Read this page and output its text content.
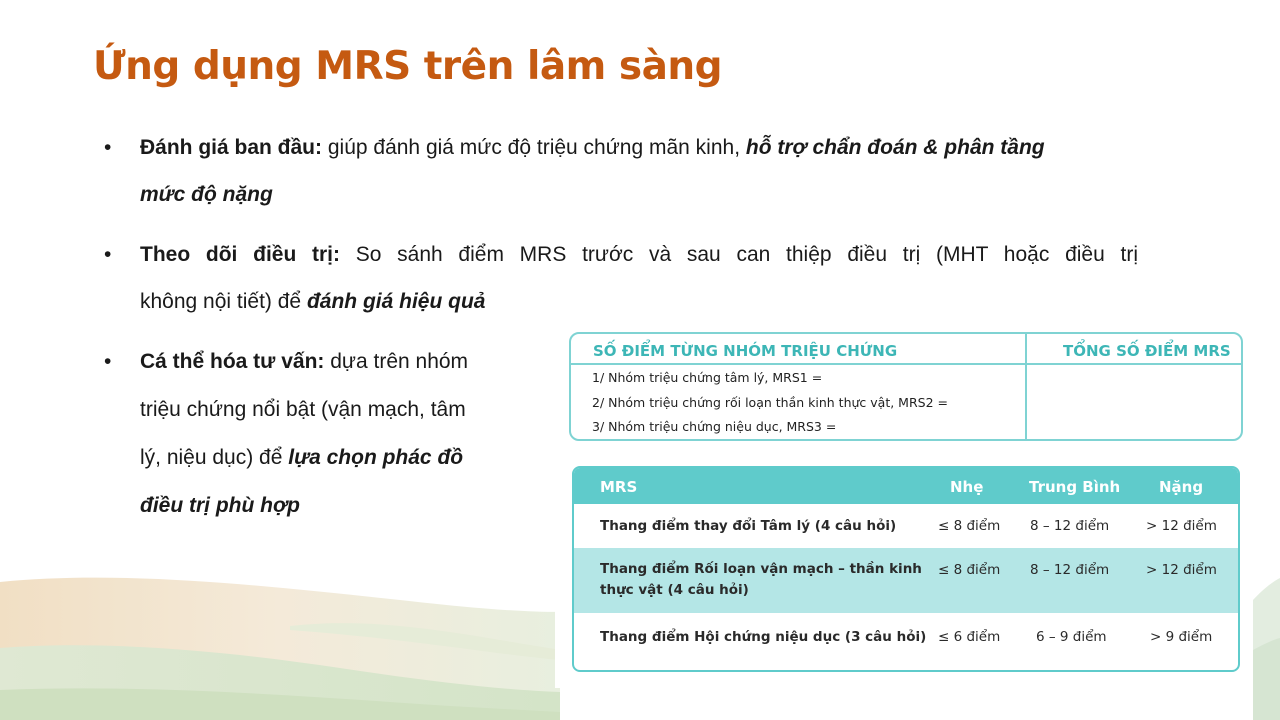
Ứng dụng MRS trên lâm sàng
• Đánh giá ban đầu: giúp đánh giá mức độ triệu chứng mãn kinh, hỗ trợ chẩn đoán & phân tầng
mức độ nặng
• Theo dõi điều trị: So sánh điểm MRS trước và sau can thiệp điều trị (MHT hoặc điều trị
không nội tiết) để đánh giá hiệu quả
• Cá thể hóa tư vấn: dựa trên nhóm
triệu chứng nổi bật (vận mạch, tâm
lý, niệu dục) để lựa chọn phác đồ
điều trị phù hợp
SỐ ĐIỂM TỪNG NHÓM TRIỆU CHỨNG	TỔNG SỐ ĐIỂM MRS
1/ Nhóm triệu chứng tâm lý, MRS1 =
2/ Nhóm triệu chứng rối loạn thần kinh thực vật, MRS2 =
3/ Nhóm triệu chứng niệu dục, MRS3 =
MRS	Nhẹ	Trung Bình	Nặng
Thang điểm thay đổi Tâm lý (4 câu hỏi)	≤ 8 điểm 8 – 12 điểm	> 12 điểm
Thang điểm Rối loạn vận mạch – thần kinh
thực vật (4 câu hỏi)
≤ 8 điểm 8 – 12 điểm	> 12 điểm
Thang điểm Hội chứng niệu dục (3 câu hỏi) ≤ 6 điểm	6 – 9 điểm	> 9 điểm
